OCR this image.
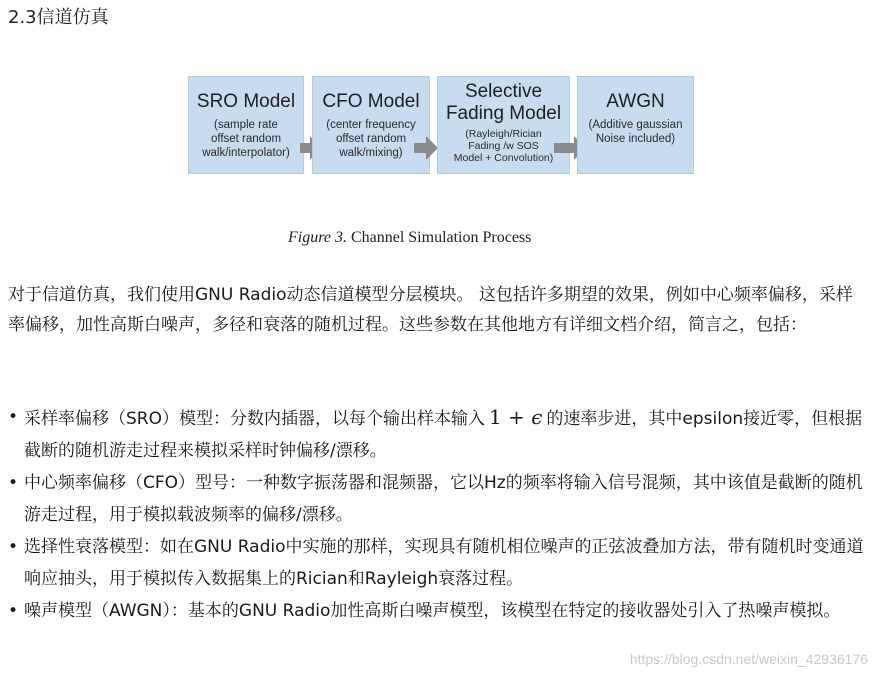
2.3信道仿真
SRO Model
(sample rate
offset random
walk/interpolator)
CFO Model
(center frequency
offset random
walk/mixing)
Selective
Fading Model
(Rayleigh/Rician
Fading /w SOS
Model + Convolution)
AWGN
(Additive gaussian
Noise included)
Figure 3. Channel Simulation Process
对于信道仿真，我们使用GNU Radio动态信道模型分层模块。 这包括许多期望的效果，例如中心频率偏移，采样率偏移，加性高斯白噪声，多径和衰落的随机过程。这些参数在其他地方有详细文档介绍，简言之，包括：
• 采样率偏移（SRO）模型：分数内插器，以每个输出样本输入 1 + ϵ 的速率步进，其中epsilon接近零，但根据截断的随机游走过程来模拟采样时钟偏移/漂移。
• 中心频率偏移（CFO）型号：一种数字振荡器和混频器，它以Hz的频率将输入信号混频，其中该值是截断的随机游走过程，用于模拟载波频率的偏移/漂移。
• 选择性衰落模型：如在GNU Radio中实施的那样，实现具有随机相位噪声的正弦波叠加方法，带有随机时变通道响应抽头，用于模拟传入数据集上的Rician和Rayleigh衰落过程。
• 噪声模型（AWGN）：基本的GNU Radio加性高斯白噪声模型，该模型在特定的接收器处引入了热噪声模拟。
https://blog.csdn.net/weixin_42936176
